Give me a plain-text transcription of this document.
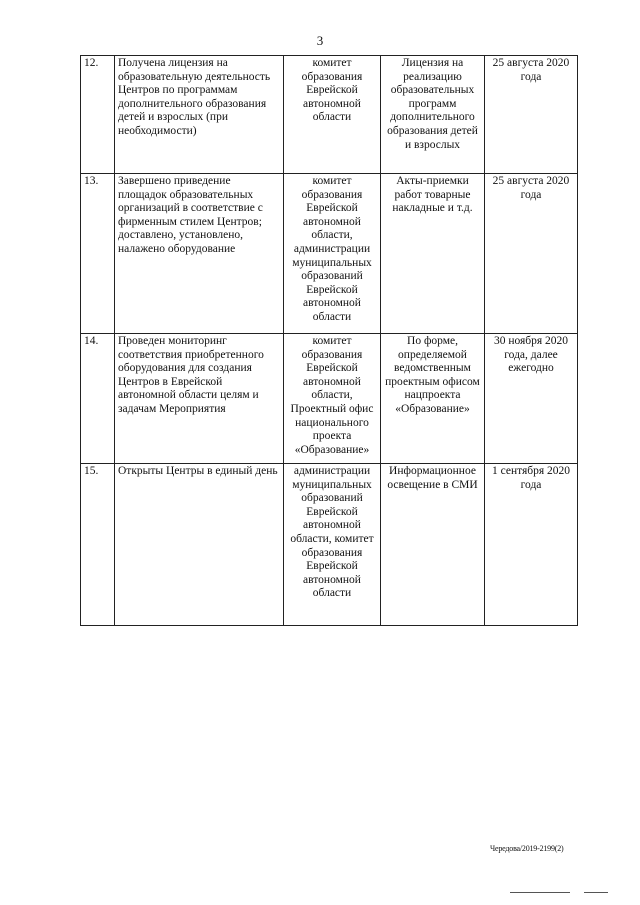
3
12.	Получена лицензия на образовательную деятельность Центров по программам дополнительного образования детей и взрослых (при необходимости)	комитет образования Еврейской автономной области	Лицензия на реализацию образовательных программ дополнительного образования детей и взрослых	25 августа 2020 года
13.	Завершено приведение площадок образовательных организаций в соответствие с фирменным стилем Центров; доставлено, установлено, налажено оборудование	комитет образования Еврейской автономной области, администрации муниципальных образований Еврейской автономной области	Акты-приемки работ товарные накладные и т.д.	25 августа 2020 года
14.	Проведен мониторинг соответствия приобретенного оборудования для создания Центров в Еврейской автономной области целям и задачам Мероприятия	комитет образования Еврейской автономной области, Проектный офис национального проекта «Образование»	По форме, определяемой ведомственным проектным офисом нацпроекта «Образование»	30 ноября 2020 года, далее ежегодно
15.	Открыты Центры в единый день	администрации муниципальных образований Еврейской автономной области, комитет образования Еврейской автономной области	Информационное освещение в СМИ	1 сентября 2020 года
Чередова/2019-2199(2)
